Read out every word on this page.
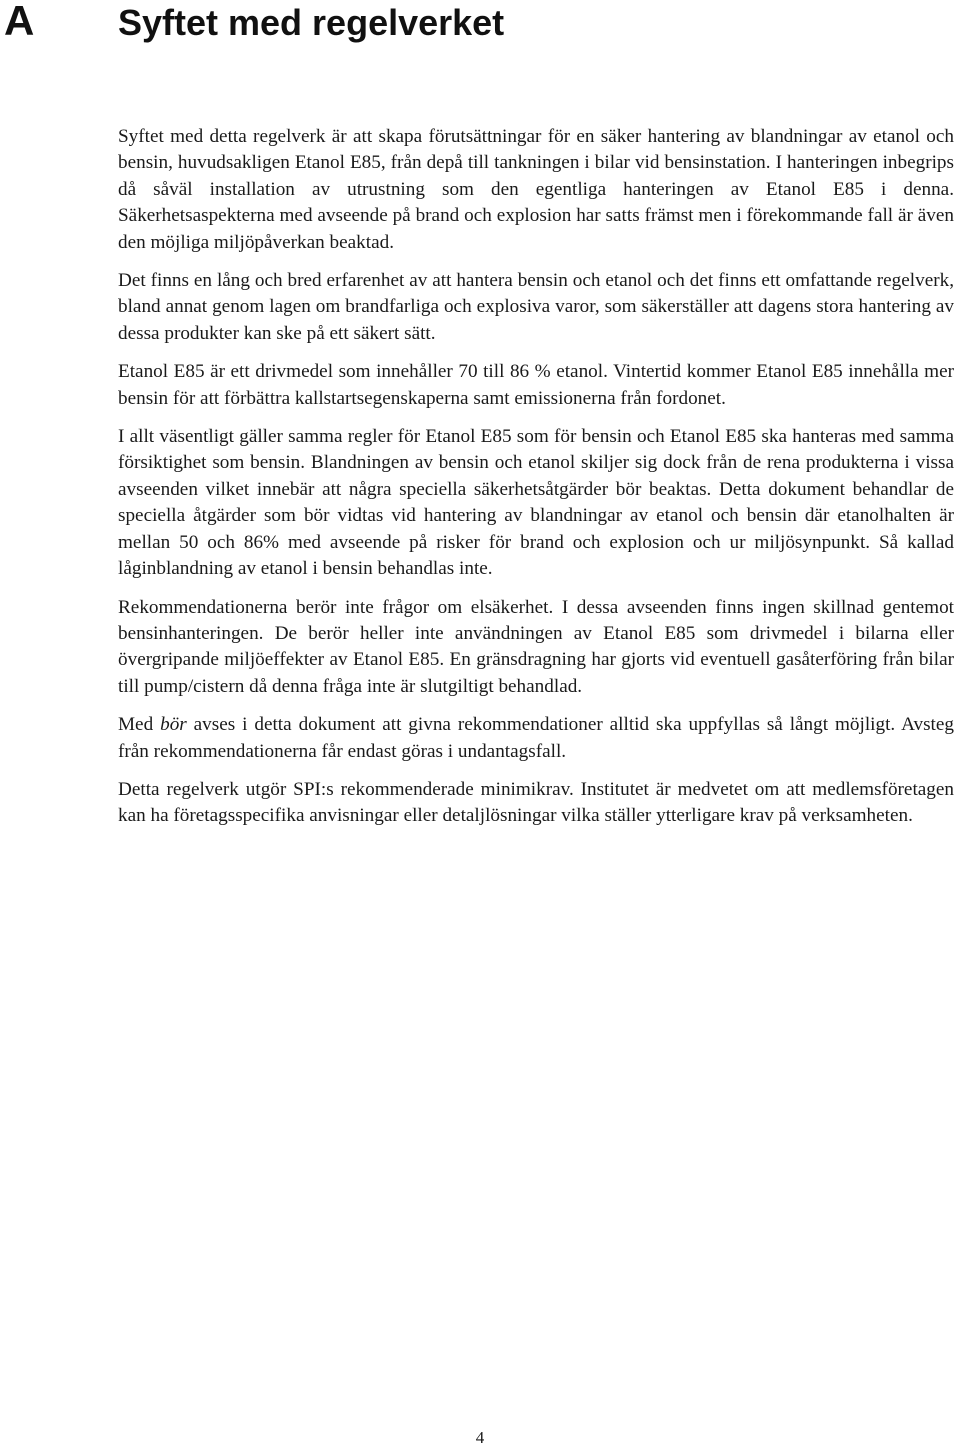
A Syftet med regelverket

Syftet med detta regelverk är att skapa förutsättningar för en säker hantering av blandningar av etanol och bensin, huvudsakligen Etanol E85, från depå till tankningen i bilar vid bensinstation. I hanteringen inbegrips då såväl installation av utrustning som den egentliga hanteringen av Etanol E85 i denna. Säkerhetsaspekterna med avseende på brand och explosion har satts främst men i förekommande fall är även den möjliga miljöpåverkan beaktad.

Det finns en lång och bred erfarenhet av att hantera bensin och etanol och det finns ett omfattande regelverk, bland annat genom lagen om brandfarliga och explosiva varor, som säkerställer att dagens stora hantering av dessa produkter kan ske på ett säkert sätt.

Etanol E85 är ett drivmedel som innehåller 70 till 86 % etanol. Vintertid kommer Etanol E85 innehålla mer bensin för att förbättra kallstartsegenskaperna samt emissionerna från fordonet.

I allt väsentligt gäller samma regler för Etanol E85 som för bensin och Etanol E85 ska hanteras med samma försiktighet som bensin. Blandningen av bensin och etanol skiljer sig dock från de rena produkterna i vissa avseenden vilket innebär att några speciella säkerhetsåtgärder bör beaktas. Detta dokument behandlar de speciella åtgärder som bör vidtas vid hantering av blandningar av etanol och bensin där etanolhalten är mellan 50 och 86% med avseende på risker för brand och explosion och ur miljösynpunkt. Så kallad låginblandning av etanol i bensin behandlas inte.

Rekommendationerna berör inte frågor om elsäkerhet. I dessa avseenden finns ingen skillnad gentemot bensinhanteringen. De berör heller inte användningen av Etanol E85 som drivmedel i bilarna eller övergripande miljöeffekter av Etanol E85. En gränsdragning har gjorts vid eventuell gasåterföring från bilar till pump/cistern då denna fråga inte är slutgiltigt behandlad.

Med bör avses i detta dokument att givna rekommendationer alltid ska uppfyllas så långt möjligt. Avsteg från rekommendationerna får endast göras i undantagsfall.

Detta regelverk utgör SPI:s rekommenderade minimikrav. Institutet är medvetet om att medlemsföretagen kan ha företagsspecifika anvisningar eller detaljlösningar vilka ställer ytterligare krav på verksamheten.

4
